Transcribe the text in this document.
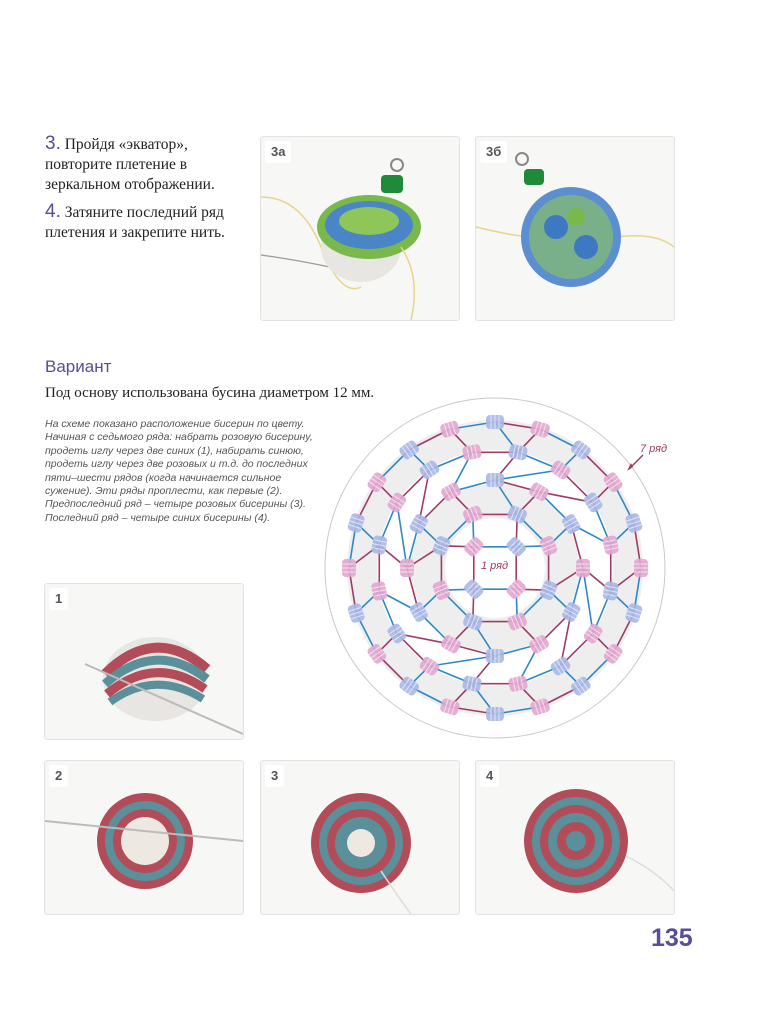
3. Пройдя «экватор», повторите плетение в зеркальном отображении.

4. Затяните последний ряд плетения и закрепите нить.

3а	3б
Вариант
Под основу использована бусина диаметром 12 мм.
На схеме показано расположение бисерин по цвету. Начиная с седьмого ряда: набрать розовую бисерину, продеть иглу через две синих (1), набирать синюю, продеть иглу через две розовых и т.д. до последних пяти–шести рядов (когда начинается сильное сужение). Эти ряды проплести, как первые (2). Предпоследний ряд – четыре розовых бисерины (3). Последний ряд – четыре синих бисерины (4).
7 ряд
1 ряд
1
2	3	4
135
